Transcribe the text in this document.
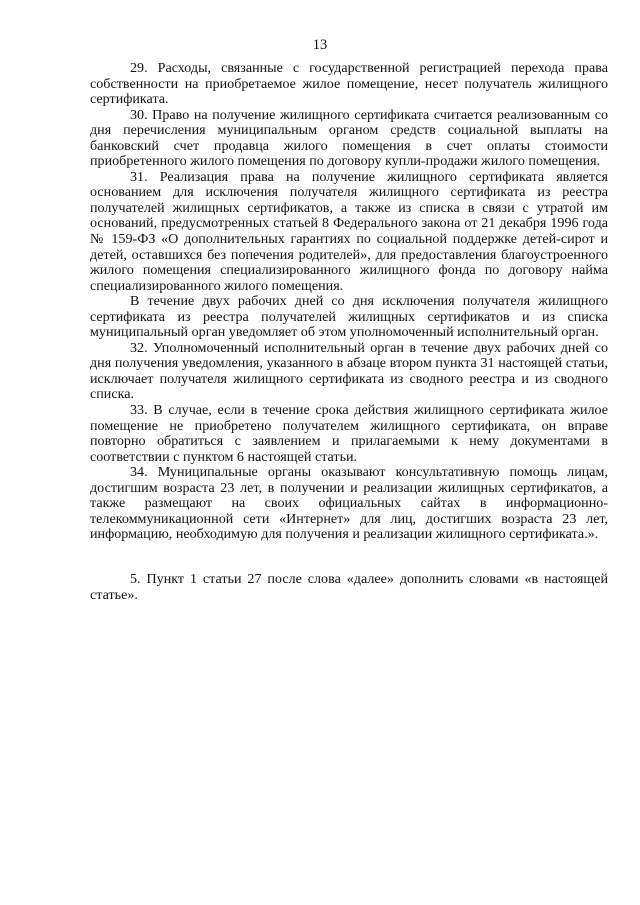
13

29. Расходы, связанные с государственной регистрацией перехода права собственности на приобретаемое жилое помещение, несет получатель жилищного сертификата.

30. Право на получение жилищного сертификата считается реализованным со дня перечисления муниципальным органом средств социальной выплаты на банковский счет продавца жилого помещения в счет оплаты стоимости приобретенного жилого помещения по договору купли-продажи жилого помещения.

31. Реализация права на получение жилищного сертификата является основанием для исключения получателя жилищного сертификата из реестра получателей жилищных сертификатов, а также из списка в связи с утратой им оснований, предусмотренных статьей 8 Федерального закона от 21 декабря 1996 года № 159-ФЗ «О дополнительных гарантиях по социальной поддержке детей-сирот и детей, оставшихся без попечения родителей», для предоставления благоустроенного жилого помещения специализированного жилищного фонда по договору найма специализированного жилого помещения.

В течение двух рабочих дней со дня исключения получателя жилищного сертификата из реестра получателей жилищных сертификатов и из списка муниципальный орган уведомляет об этом уполномоченный исполнительный орган.

32. Уполномоченный исполнительный орган в течение двух рабочих дней со дня получения уведомления, указанного в абзаце втором пункта 31 настоящей статьи, исключает получателя жилищного сертификата из сводного реестра и из сводного списка.

33. В случае, если в течение срока действия жилищного сертификата жилое помещение не приобретено получателем жилищного сертификата, он вправе повторно обратиться с заявлением и прилагаемыми к нему документами в соответствии с пунктом 6 настоящей статьи.

34. Муниципальные органы оказывают консультативную помощь лицам, достигшим возраста 23 лет, в получении и реализации жилищных сертификатов, а также размещают на своих официальных сайтах в информационно-телекоммуникационной сети «Интернет» для лиц, достигших возраста 23 лет, информацию, необходимую для получения и реализации жилищного сертификата.».

5. Пункт 1 статьи 27 после слова «далее» дополнить словами «в настоящей статье».
